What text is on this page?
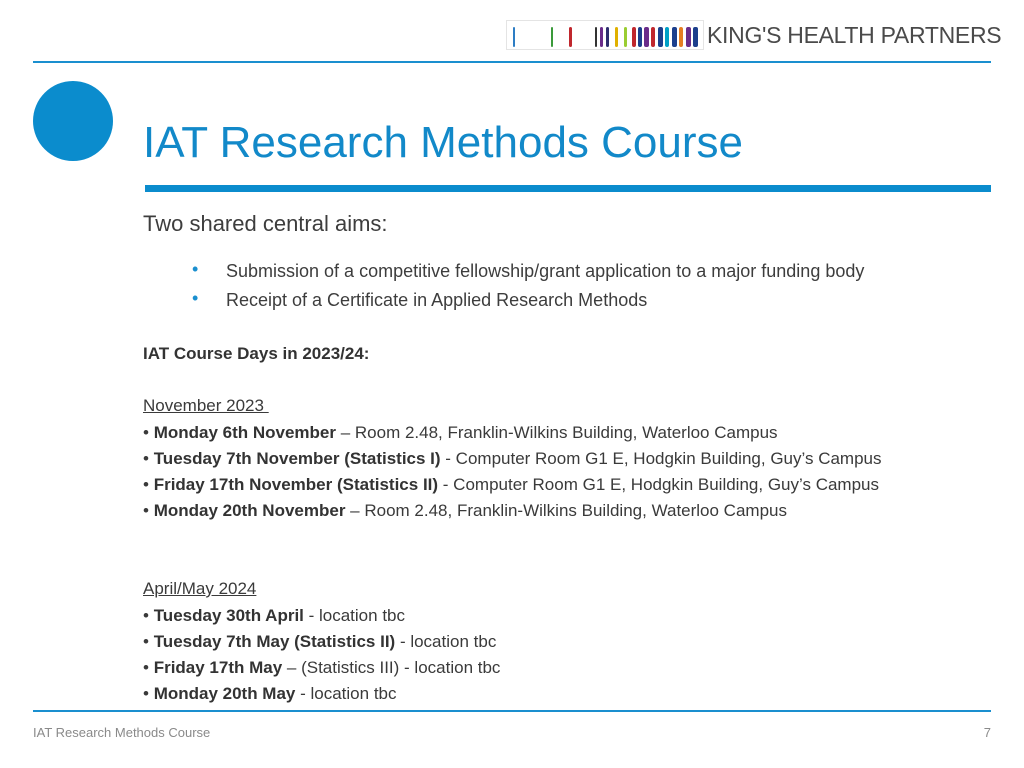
KING'S HEALTH PARTNERS
IAT Research Methods Course
Two shared central aims:
• Submission of a competitive fellowship/grant application to a major funding body
• Receipt of a Certificate in Applied Research Methods
IAT Course Days in 2023/24:
November 2023
• Monday 6th November – Room 2.48, Franklin-Wilkins Building, Waterloo Campus
• Tuesday 7th November (Statistics I) - Computer Room G1 E, Hodgkin Building, Guy’s Campus
• Friday 17th November (Statistics II) - Computer Room G1 E, Hodgkin Building, Guy’s Campus
• Monday 20th November – Room 2.48, Franklin-Wilkins Building, Waterloo Campus
April/May 2024
• Tuesday 30th April - location tbc
• Tuesday 7th May (Statistics II) - location tbc
• Friday 17th May – (Statistics III) - location tbc
• Monday 20th May - location tbc
IAT Research Methods Course	7
